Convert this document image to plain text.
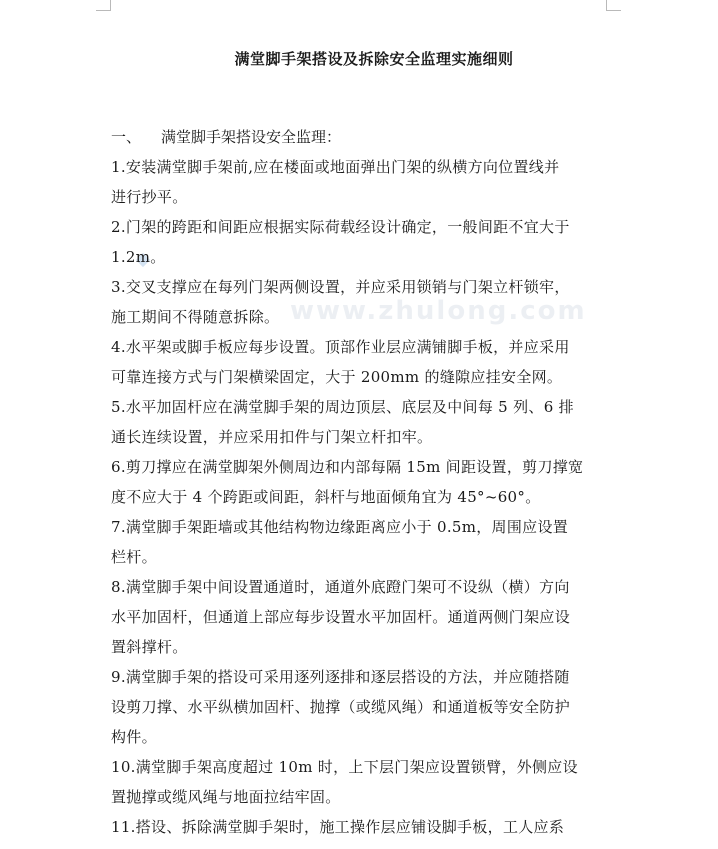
满堂脚手架搭设及拆除安全监理实施细则
www.zhulong.com
一、 满堂脚手架搭设安全监理：
1.安装满堂脚手架前,应在楼面或地面弹出门架的纵横方向位置线并
进行抄平。
2.门架的跨距和间距应根据实际荷载经设计确定，一般间距不宜大于
1.2m。
3.交叉支撑应在每列门架两侧设置，并应采用锁销与门架立杆锁牢，
施工期间不得随意拆除。
4.水平架或脚手板应每步设置。顶部作业层应满铺脚手板，并应采用
可靠连接方式与门架横梁固定，大于 200mm 的缝隙应挂安全网。
5.水平加固杆应在满堂脚手架的周边顶层、底层及中间每 5 列、6 排
通长连续设置，并应采用扣件与门架立杆扣牢。
6.剪刀撑应在满堂脚架外侧周边和内部每隔 15m 间距设置，剪刀撑宽
度不应大于 4 个跨距或间距，斜杆与地面倾角宜为 45°~60°。
7.满堂脚手架距墙或其他结构物边缘距离应小于 0.5m，周围应设置
栏杆。
8.满堂脚手架中间设置通道时，通道外底蹬门架可不设纵（横）方向
水平加固杆，但通道上部应每步设置水平加固杆。通道两侧门架应设
置斜撑杆。
9.满堂脚手架的搭设可采用逐列逐排和逐层搭设的方法，并应随搭随
设剪刀撑、水平纵横加固杆、抛撑（或缆风绳）和通道板等安全防护
构件。
10.满堂脚手架高度超过 10m 时，上下层门架应设置锁臂，外侧应设
置抛撑或缆风绳与地面拉结牢固。
11.搭设、拆除满堂脚手架时，施工操作层应铺设脚手板，工人应系
